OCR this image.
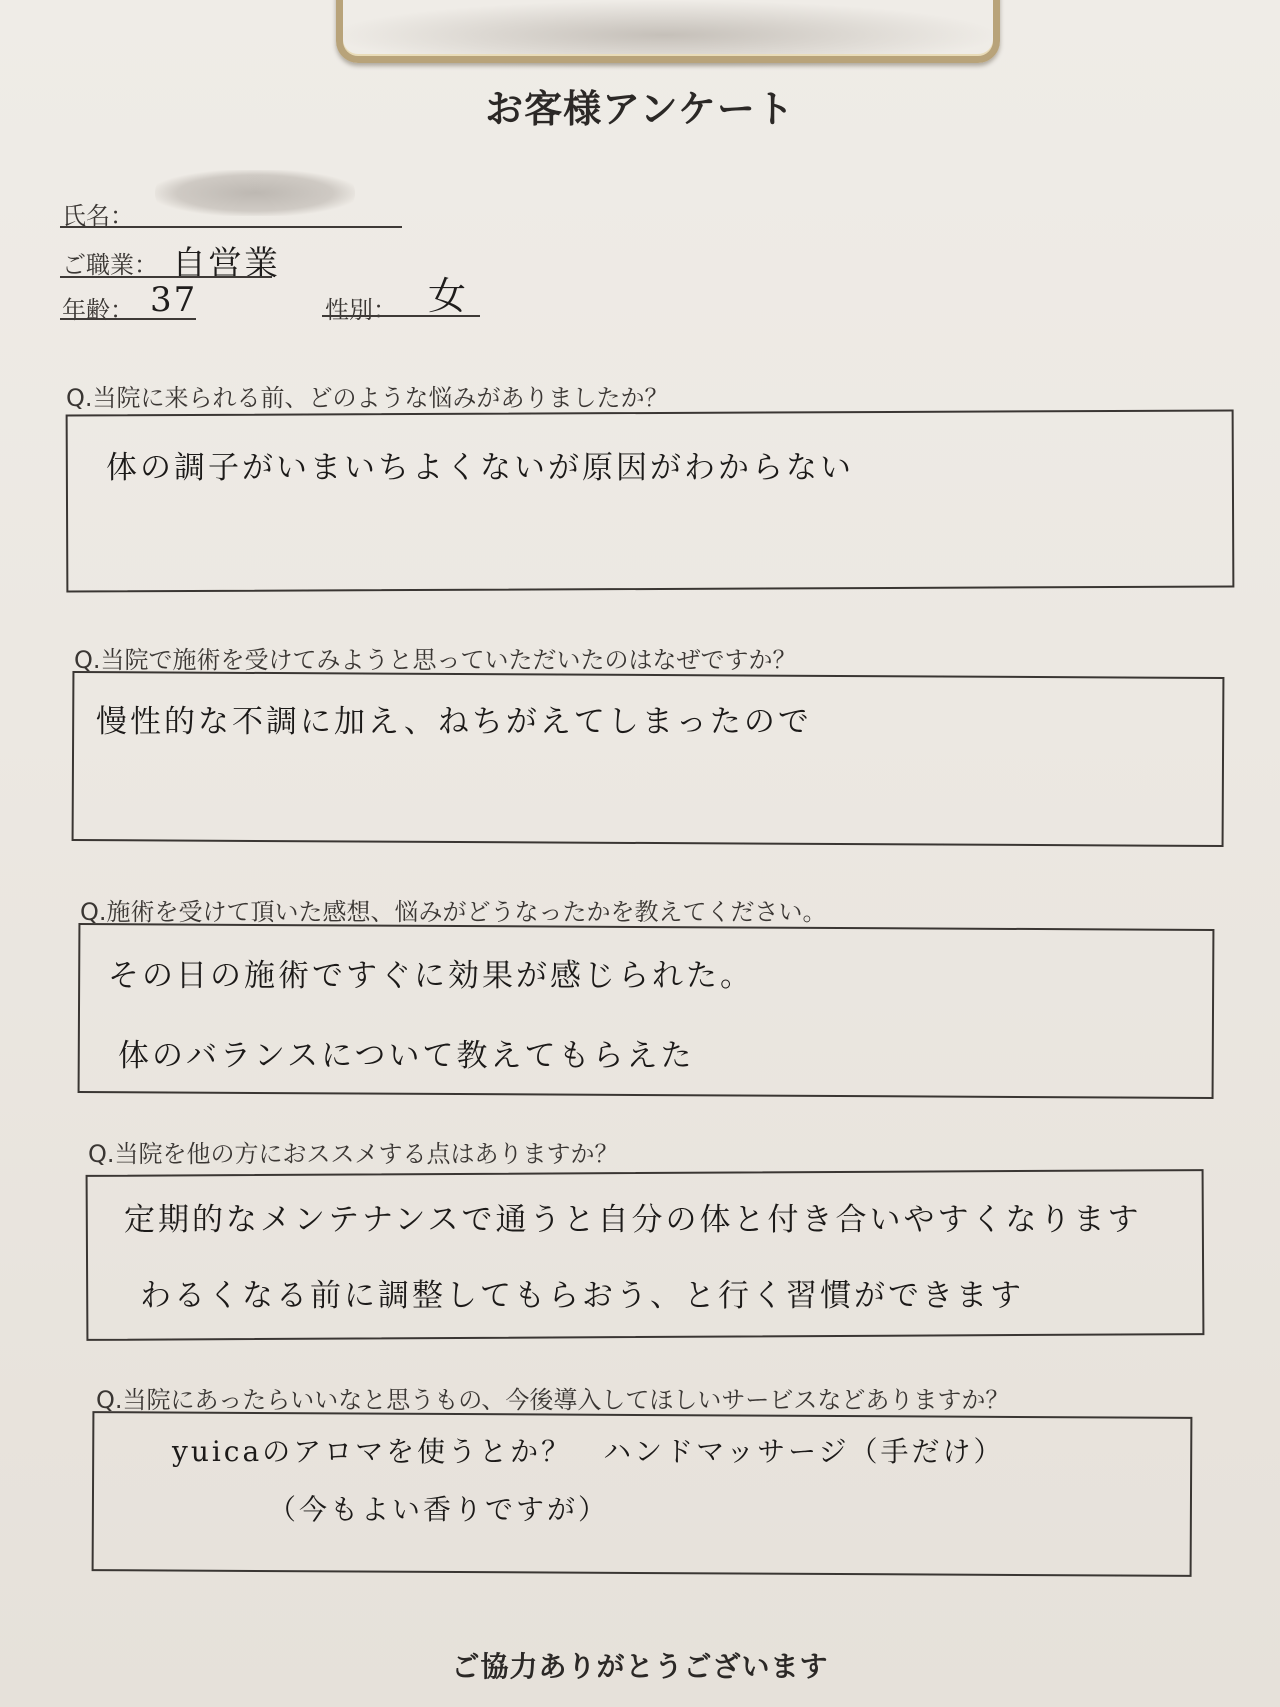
お客様アンケート
氏名：
ご職業： 自営業
年齢： 37	性別： 女
Q.当院に来られる前、どのような悩みがありましたか？
体の調子がいまいちよくないが原因がわからない
Q.当院で施術を受けてみようと思っていただいたのはなぜですか？
慢性的な不調に加え、ねちがえてしまったので
Q.施術を受けて頂いた感想、悩みがどうなったかを教えてください。
その日の施術ですぐに効果が感じられた。
体のバランスについて教えてもらえた
Q.当院を他の方におススメする点はありますか？
定期的なメンテナンスで通うと自分の体と付き合いやすくなります
わるくなる前に調整してもらおう、と行く習慣ができます
Q.当院にあったらいいなと思うもの、今後導入してほしいサービスなどありますか？
yuicaのアロマを使うとか？　ハンドマッサージ（手だけ）
（今もよい香りですが）
ご協力ありがとうございます
